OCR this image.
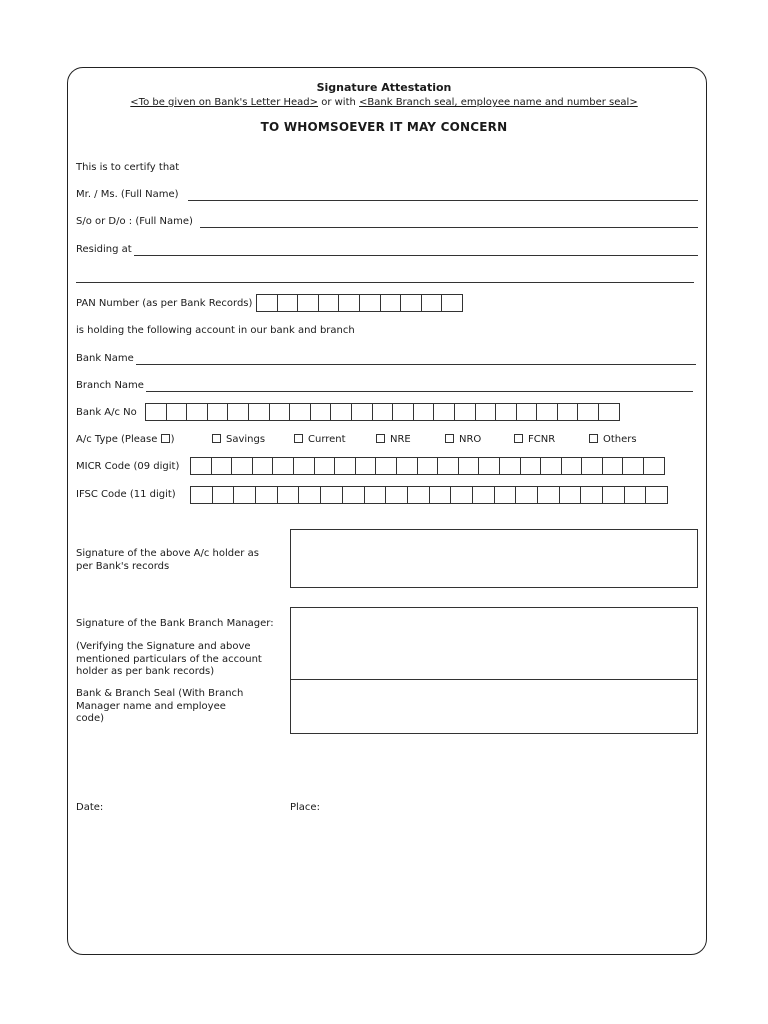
Signature Attestation
<To be given on Bank's Letter Head> or with <Bank Branch seal, employee name and number seal>
TO WHOMSOEVER IT MAY CONCERN
This is to certify that
Mr. / Ms. (Full Name)
S/o or D/o : (Full Name)
Residing at
PAN Number (as per Bank Records)
is holding the following account in our bank and branch
Bank Name
Branch Name
Bank A/c No
A/c Type (Please )	Savings	Current	NRE	NRO	FCNR	Others
MICR Code (09 digit)
IFSC Code (11 digit)
Signature of the above A/c holder as per Bank's records
Signature of the Bank Branch Manager:
(Verifying the Signature and above mentioned particulars of the account holder as per bank records)
Bank & Branch Seal (With Branch Manager name and employee code)
Date:	Place:
